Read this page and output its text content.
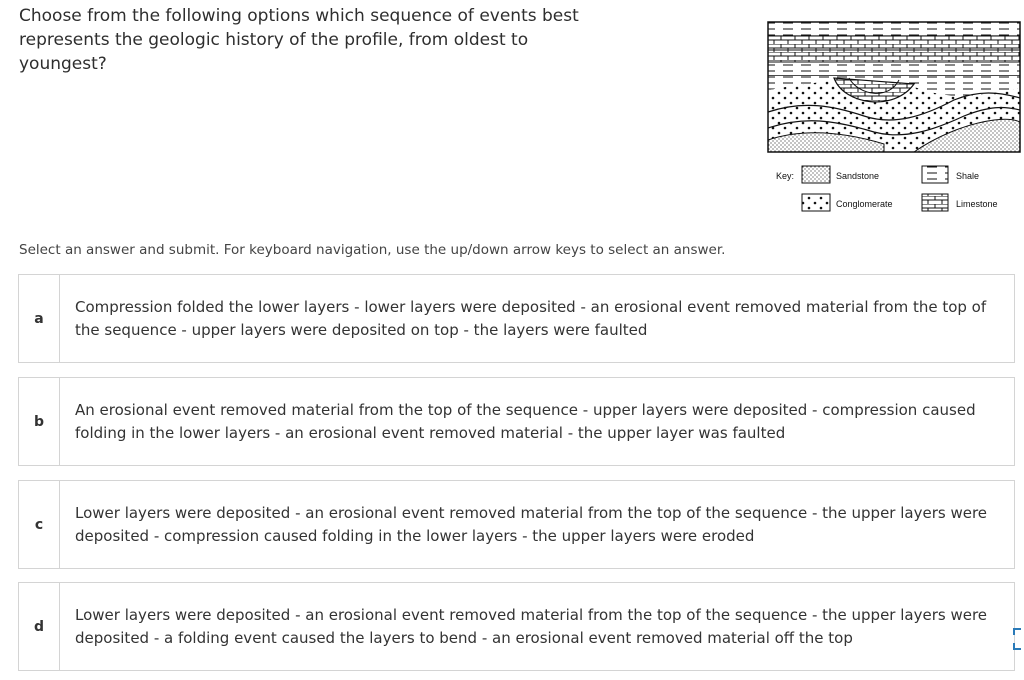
Choose from the following options which sequence of events best
represents the geologic history of the profile, from oldest to youngest?

Key:	Sandstone	Shale
Conglomerate	Limestone

Select an answer and submit. For keyboard navigation, use the up/down arrow keys to select an answer.

a
Compression folded the lower layers - lower layers were deposited - an erosional event removed material from the top of the sequence - upper layers were deposited on top - the layers were faulted
b
An erosional event removed material from the top of the sequence - upper layers were deposited - compression caused folding in the lower layers - an erosional event removed material - the upper layer was faulted
c
Lower layers were deposited - an erosional event removed material from the top of the sequence - the upper layers were deposited - compression caused folding in the lower layers - the upper layers were eroded
d
Lower layers were deposited - an erosional event removed material from the top of the sequence - the upper layers were deposited - a folding event caused the layers to bend - an erosional event removed material off the top
